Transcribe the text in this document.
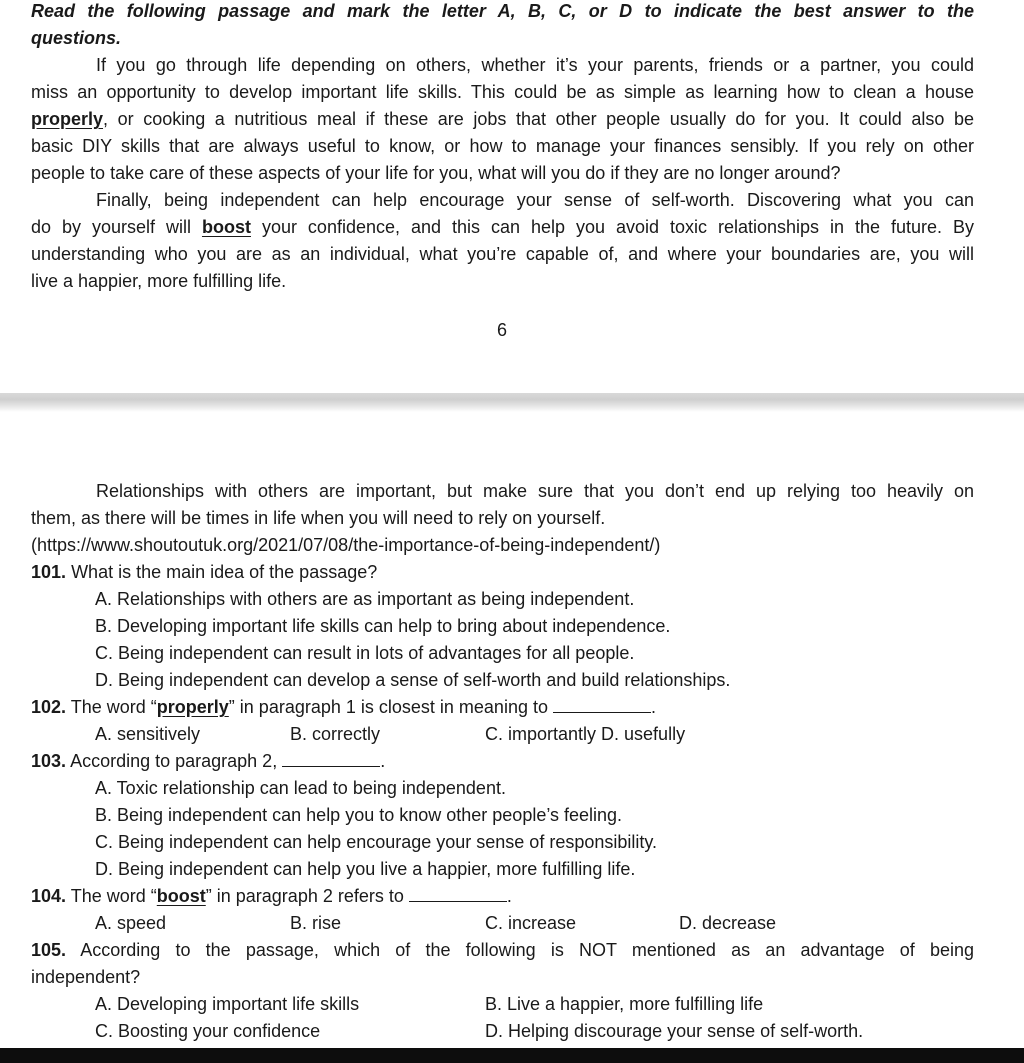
Read the following passage and mark the letter A, B, C, or D to indicate the best answer to the
questions.
If you go through life depending on others, whether it’s your parents, friends or a partner, you could
miss an opportunity to develop important life skills. This could be as simple as learning how to clean a house
properly, or cooking a nutritious meal if these are jobs that other people usually do for you. It could also be
basic DIY skills that are always useful to know, or how to manage your finances sensibly. If you rely on other
people to take care of these aspects of your life for you, what will you do if they are no longer around?
Finally, being independent can help encourage your sense of self-worth. Discovering what you can
do by yourself will boost your confidence, and this can help you avoid toxic relationships in the future. By
understanding who you are as an individual, what you’re capable of, and where your boundaries are, you will
live a happier, more fulfilling life.
6
Relationships with others are important, but make sure that you don’t end up relying too heavily on
them, as there will be times in life when you will need to rely on yourself.
(https://www.shoutoutuk.org/2021/07/08/the-importance-of-being-independent/)
101. What is the main idea of the passage?
A. Relationships with others are as important as being independent.
B. Developing important life skills can help to bring about independence.
C. Being independent can result in lots of advantages for all people.
D. Being independent can develop a sense of self-worth and build relationships.
102. The word “properly” in paragraph 1 is closest in meaning to	.
A. sensitively	B. correctly	C. importantly D. usefully
103. According to paragraph 2,	.
A. Toxic relationship can lead to being independent.
B. Being independent can help you to know other people’s feeling.
C. Being independent can help encourage your sense of responsibility.
D. Being independent can help you live a happier, more fulfilling life.
104. The word “boost” in paragraph 2 refers to	.
A. speed	B. rise	C. increase	D. decrease
105. According to the passage, which of the following is NOT mentioned as an advantage of being
independent?
A. Developing important life skills	B. Live a happier, more fulfilling life
C. Boosting your confidence	D. Helping discourage your sense of self-worth.
